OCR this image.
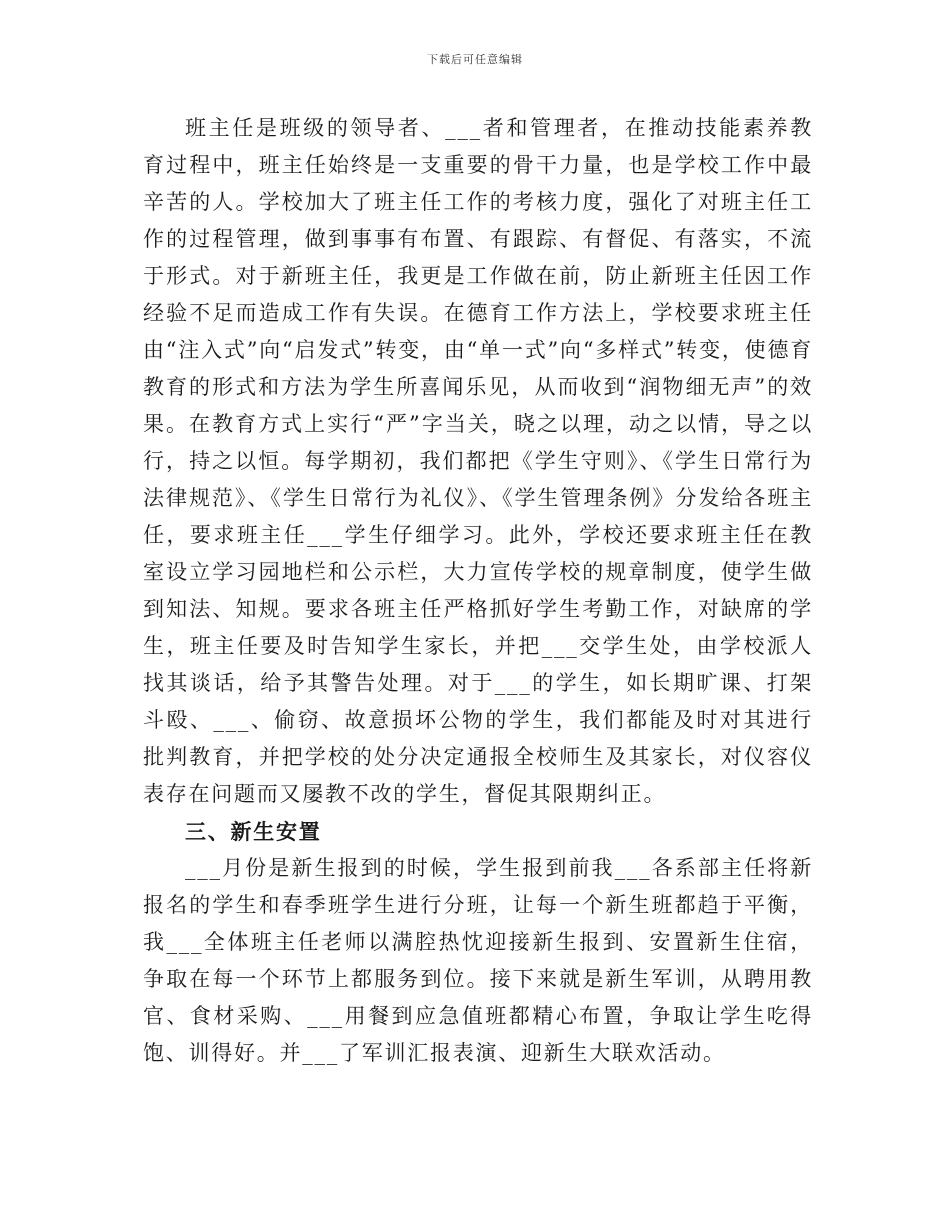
下载后可任意编辑

班主任是班级的领导者、___者和管理者，在推动技能素养教育过程中，班主任始终是一支重要的骨干力量，也是学校工作中最辛苦的人。学校加大了班主任工作的考核力度，强化了对班主任工作的过程管理，做到事事有布置、有跟踪、有督促、有落实，不流于形式。对于新班主任，我更是工作做在前，防止新班主任因工作经验不足而造成工作有失误。在德育工作方法上，学校要求班主任由“注入式”向“启发式”转变，由“单一式”向“多样式”转变，使德育教育的形式和方法为学生所喜闻乐见，从而收到“润物细无声”的效果。在教育方式上实行“严”字当关，晓之以理，动之以情，导之以行，持之以恒。每学期初，我们都把《学生守则》、《学生日常行为法律规范》、《学生日常行为礼仪》、《学生管理条例》分发给各班主任，要求班主任___学生仔细学习。此外，学校还要求班主任在教室设立学习园地栏和公示栏，大力宣传学校的规章制度，使学生做到知法、知规。要求各班主任严格抓好学生考勤工作，对缺席的学生，班主任要及时告知学生家长，并把___交学生处，由学校派人找其谈话，给予其警告处理。对于___的学生，如长期旷课、打架斗殴、___、偷窃、故意损坏公物的学生，我们都能及时对其进行批判教育，并把学校的处分决定通报全校师生及其家长，对仪容仪表存在问题而又屡教不改的学生，督促其限期纠正。

三、新生安置

___月份是新生报到的时候，学生报到前我___各系部主任将新报名的学生和春季班学生进行分班，让每一个新生班都趋于平衡，我___全体班主任老师以满腔热忱迎接新生报到、安置新生住宿，争取在每一个环节上都服务到位。接下来就是新生军训，从聘用教官、食材采购、___用餐到应急值班都精心布置，争取让学生吃得饱、训得好。并___了军训汇报表演、迎新生大联欢活动。
